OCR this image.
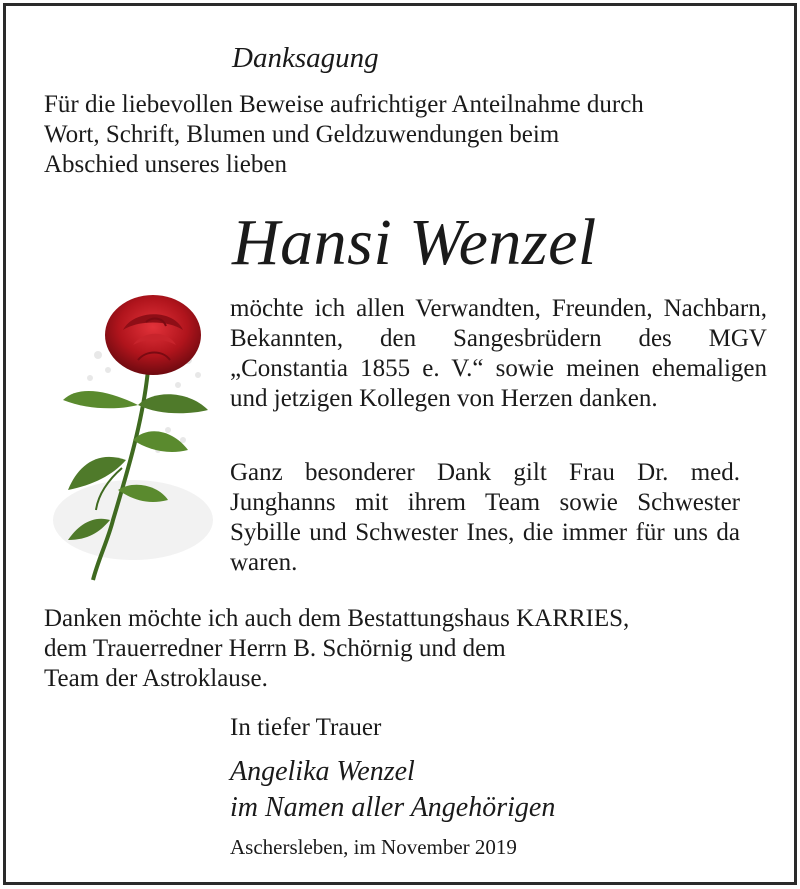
Danksagung
Für die liebevollen Beweise aufrichtiger Anteilnahme durch
Wort, Schrift, Blumen und Geldzuwendungen beim
Abschied unseres lieben
Hansi Wenzel
möchte ich allen Verwandten, Freunden, Nachbarn, Bekannten, den Sangesbrüdern des MGV „Constantia 1855 e. V.“ sowie meinen ehemaligen und jetzigen Kollegen von Herzen danken.
Ganz besonderer Dank gilt Frau Dr. med. Junghanns mit ihrem Team sowie Schwester Sybille und Schwester Ines, die immer für uns da waren.
Danken möchte ich auch dem Bestattungshaus KARRIES,
dem Trauerredner Herrn B. Schörnig und dem
Team der Astroklause.
In tiefer Trauer
Angelika Wenzel
im Namen aller Angehörigen
Aschersleben, im November 2019
